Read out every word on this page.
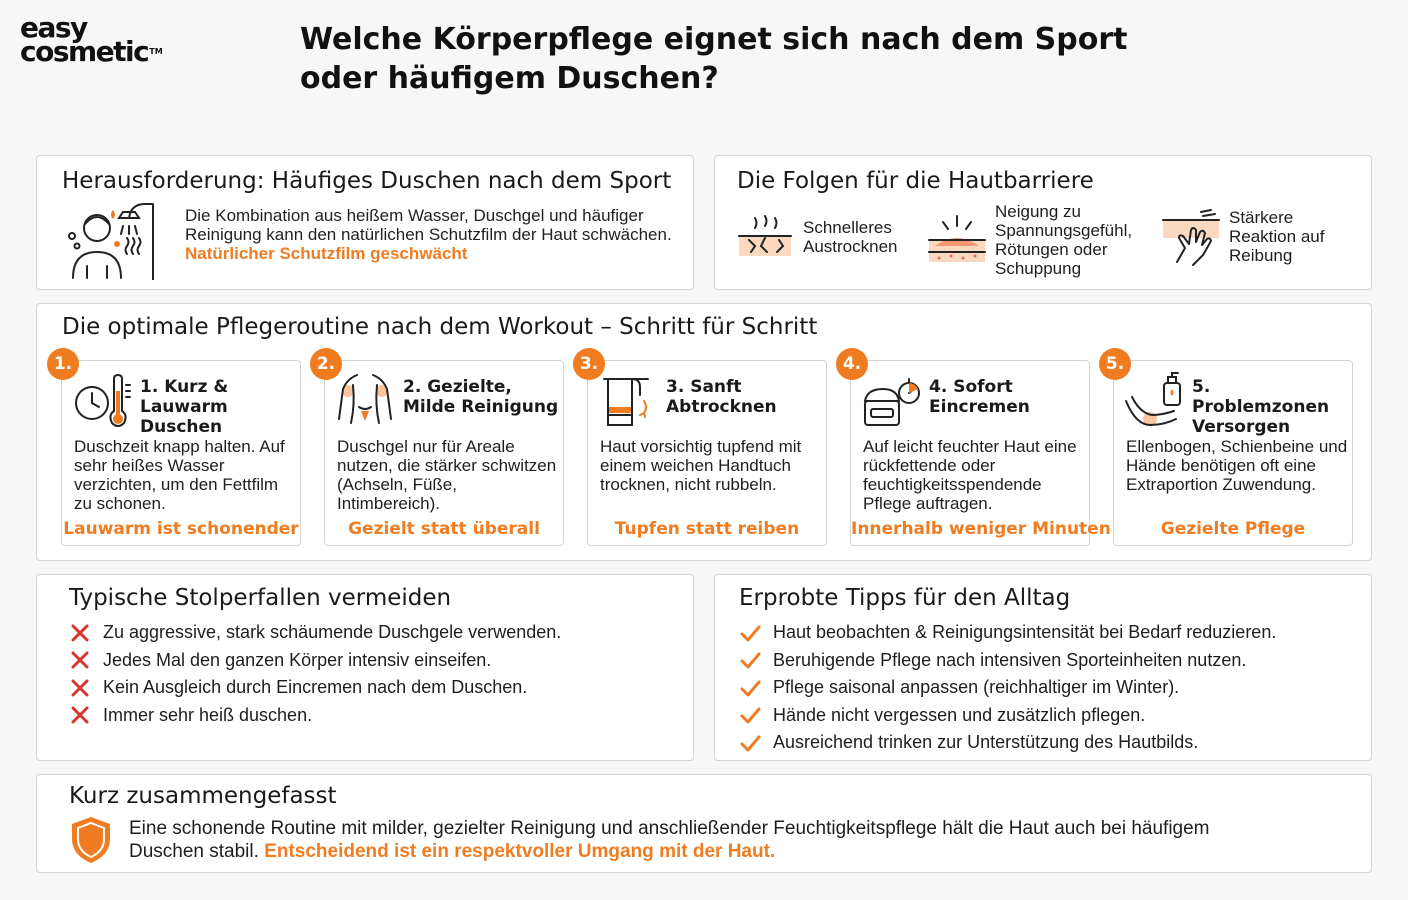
easy
cosmetic™	Welche Körperpflege eignet sich nach dem Sport oder häufigem Duschen?
Herausforderung: Häufiges Duschen nach dem Sport
Die Kombination aus heißem Wasser, Duschgel und häufiger Reinigung kann den natürlichen Schutzfilm der Haut schwächen. Natürlicher Schutzfilm geschwächt
Die Folgen für die Hautbarriere
Schnelleres Austrocknen
Neigung zu Spannungsgefühl, Rötungen oder Schuppung
Stärkere Reaktion auf Reibung
Die optimale Pflegeroutine nach dem Workout – Schritt für Schritt
1. Kurz & Lauwarm Duschen
Duschzeit knapp halten. Auf sehr heißes Wasser verzichten, um den Fettfilm zu schonen.
Lauwarm ist schonender
1.
2. Gezielte, Milde Reinigung
Duschgel nur für Areale nutzen, die stärker schwitzen (Achseln, Füße, Intimbereich).
Gezielt statt überall
2.
3. Sanft Abtrocknen
Haut vorsichtig tupfend mit einem weichen Handtuch trocknen, nicht rubbeln.
Tupfen statt reiben
3.
4. Sofort Eincremen
Auf leicht feuchter Haut eine rückfettende oder feuchtigkeitsspendende Pflege auftragen.
Innerhalb weniger Minuten
4.
5. Problemzonen Versorgen
Ellenbogen, Schienbeine und Hände benötigen oft eine Extraportion Zuwendung.
Gezielte Pflege
5.
Typische Stolperfallen vermeiden
Zu aggressive, stark schäumende Duschgele verwenden.
Jedes Mal den ganzen Körper intensiv einseifen.
Kein Ausgleich durch Eincremen nach dem Duschen.
Immer sehr heiß duschen.
Erprobte Tipps für den Alltag
Haut beobachten & Reinigungsintensität bei Bedarf reduzieren.
Beruhigende Pflege nach intensiven Sporteinheiten nutzen.
Pflege saisonal anpassen (reichhaltiger im Winter).
Hände nicht vergessen und zusätzlich pflegen.
Ausreichend trinken zur Unterstützung des Hautbilds.
Kurz zusammengefasst
Eine schonende Routine mit milder, gezielter Reinigung und anschließender Feuchtigkeitspflege hält die Haut auch bei häufigem Duschen stabil. Entscheidend ist ein respektvoller Umgang mit der Haut.
